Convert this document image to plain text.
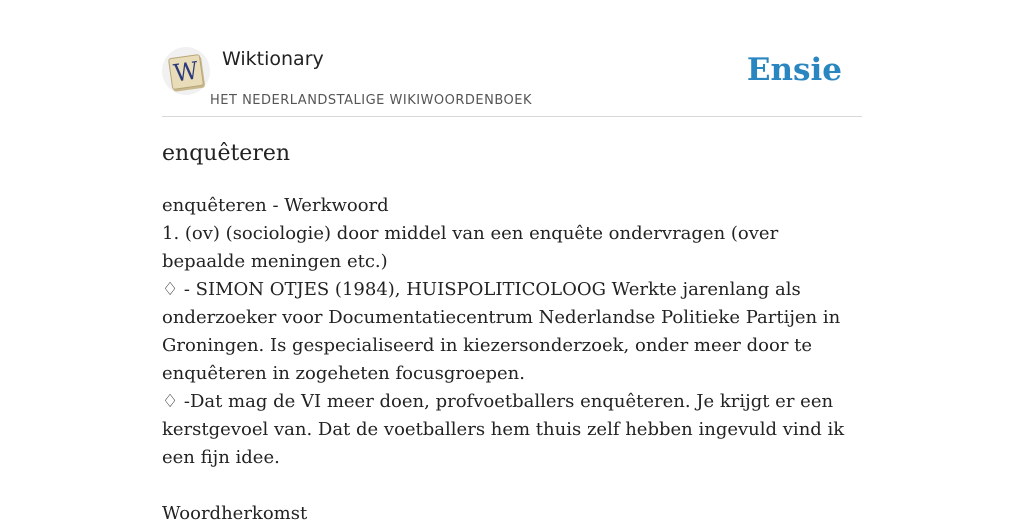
W Wiktionary
HET NEDERLANDSTALIGE WIKIWOORDENBOEK
Ensie
enquêteren

enquêteren - Werkwoord

1. (ov) (sociologie) door middel van een enquête ondervragen (over bepaalde meningen etc.)

♢ - SIMON OTJES (1984), HUISPOLITICOLOOG Werkte jarenlang als onderzoeker voor Documentatiecentrum Nederlandse Politieke Partijen in Groningen. Is gespecialiseerd in kiezersonderzoek, onder meer door te enquêteren in zogeheten focusgroepen.

♢ -Dat mag de VI meer doen, profvoetballers enquêteren. Je krijgt er een kerstgevoel van. Dat de voetballers hem thuis zelf hebben ingevuld vind ik een fijn idee.

Woordherkomst
